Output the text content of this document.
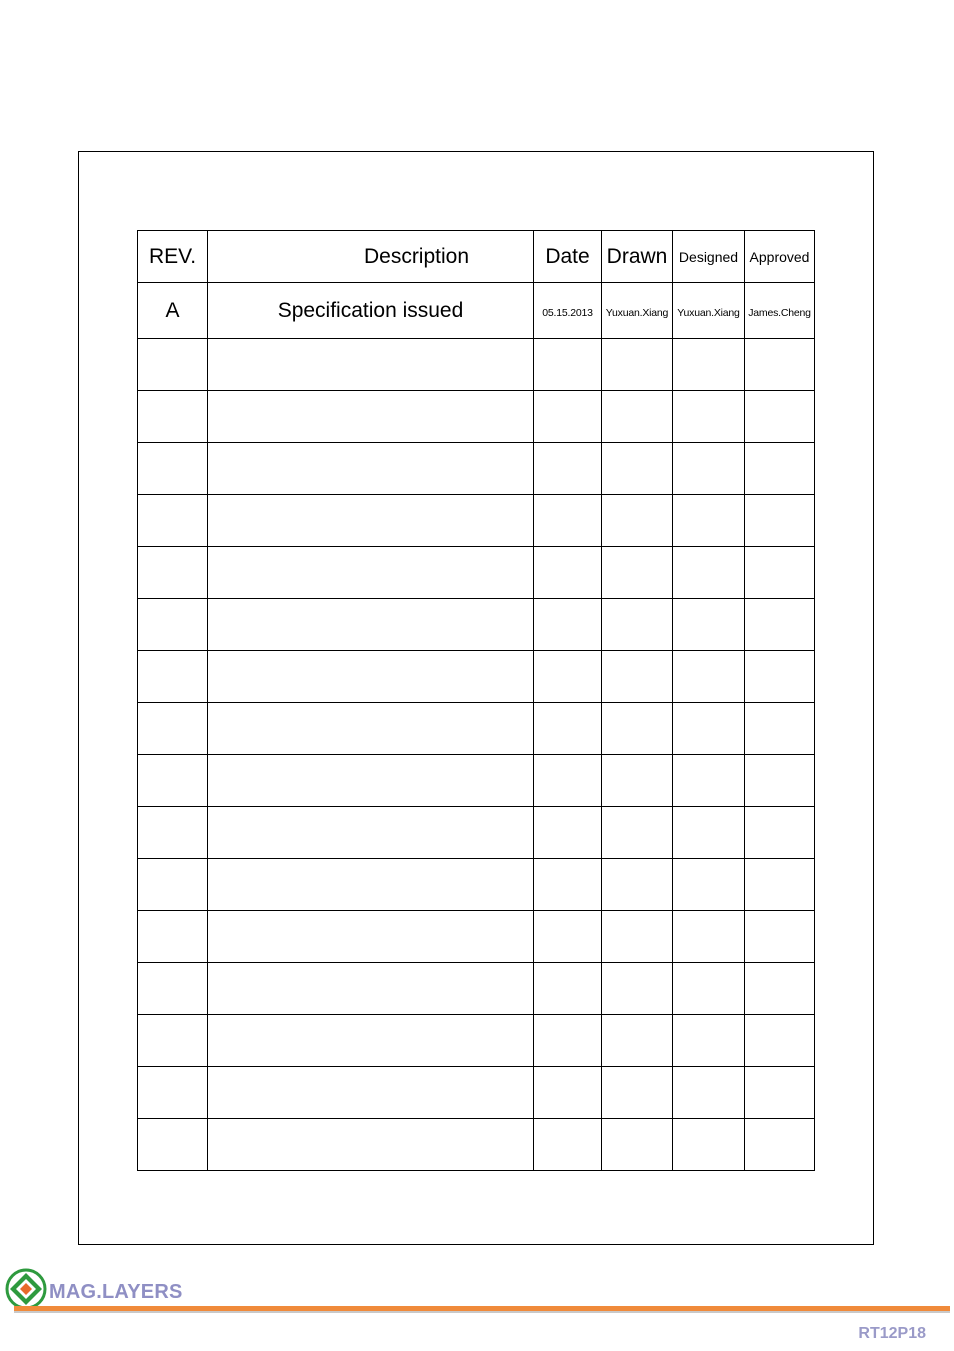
REV.	Description	Date	Drawn	Designed	Approved
A	Specification issued	05.15.2013	Yuxuan.Xiang	Yuxuan.Xiang	James.Cheng

MAG.LAYERS
RT12P18
